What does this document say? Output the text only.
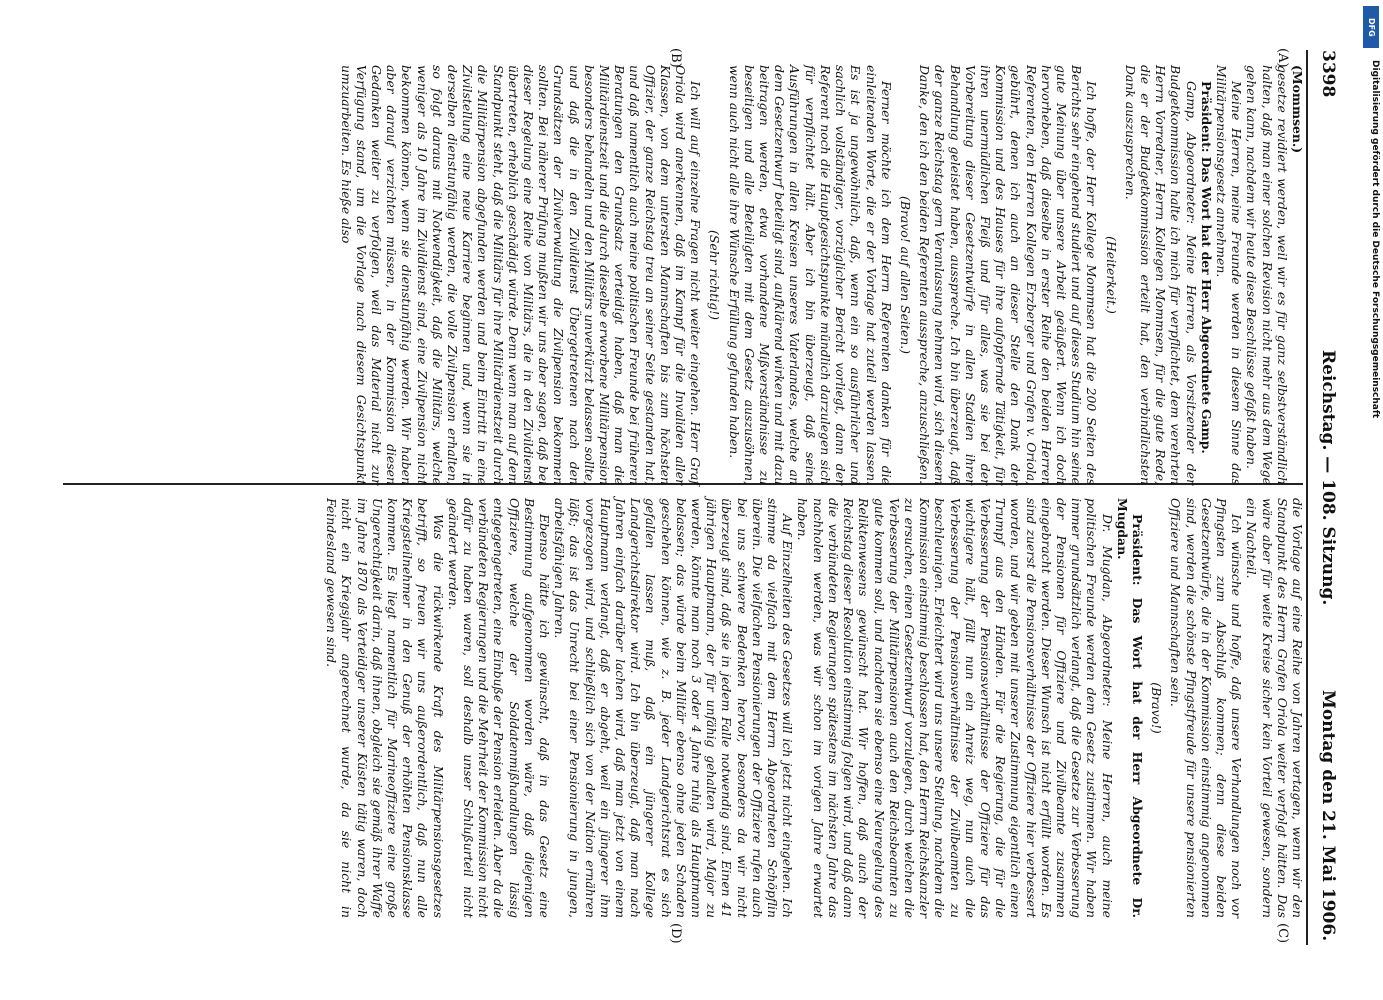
3398
Reichstag. — 108. Sitzung.
Montag den 21. Mai 1906.
(A)
(B)
(C)
(D)

(Mommsen.)

gesetze revidiert werden, weil wir es für ganz selbstverständlich halten, daß man einer solchen Revision nicht mehr aus dem Wege gehen kann, nachdem wir heute diese Beschlüsse gefaßt haben.

Meine Herren, meine Freunde werden in diesem Sinne das Militärpensionsgesetz annehmen.

Präsident: Das Wort hat der Herr Abgeordnete Gamp.

Gamp, Abgeordneter: Meine Herren, als Vorsitzender der Budgetkommission halte ich mich für verpflichtet, dem verehrten Herrn Vorredner, Herrn Kollegen Mommsen, für die gute Rede, die er der Budgetkommission erteilt hat, den verbindlichsten Dank auszusprechen.

(Heiterkeit.)

Ich hoffe, der Herr Kollege Mommsen hat die 200 Seiten des Berichts sehr eingehend studiert und auf dieses Studium hin seine gute Meinung über unsere Arbeit geäußert. Wenn ich doch hervorheben, daß dieselbe in erster Reihe den beiden Herren Referenten, den Herren Kollegen Erzberger und Grafen v. Oriola, gebührt, denen ich auch an dieser Stelle den Dank der Kommission und des Hauses für ihre aufopfernde Tätigkeit, für ihren unermüdlichen Fleiß und für alles, was sie bei der Vorbereitung dieser Gesetzentwürfe in allen Stadien ihrer Behandlung geleistet haben, ausspreche. Ich bin überzeugt, daß der ganze Reichstag gern Veranlassung nehmen wird, sich diesem Danke, den ich den beiden Referenten ausspreche, anzuschließen.

(Bravo! auf allen Seiten.)

Ferner möchte ich dem Herrn Referenten danken für die einleitenden Worte, die er der Vorlage hat zuteil werden lassen. Es ist ja ungewöhnlich, daß, wenn ein so ausführlicher und sachlich vollständiger, vorzüglicher Bericht vorliegt, dann der Referent noch die Hauptgesichtspunkte mündlich darzulegen sich für verpflichtet hält. Aber ich bin überzeugt, daß seine Ausführungen in allen Kreisen unseres Vaterlandes, welche an dem Gesetzentwurf beteiligt sind, aufklärend wirken und mit dazu beitragen werden, etwa vorhandene Mißverständnisse zu beseitigen und alle Beteiligten mit dem Gesetz auszusöhnen, wenn auch nicht alle ihre Wünsche Erfüllung gefunden haben.

(Sehr richtig!)

Ich will auf einzelne Fragen nicht weiter eingehen. Herr Graf Oriola wird anerkennen, daß im Kampf für die Invaliden aller Klassen, von dem untersten Mannschaften bis zum höchsten Offizier, der ganze Reichstag treu an seiner Seite gestanden hat, und daß namentlich auch meine politischen Freunde bei früheren Beratungen den Grundsatz verteidigt haben, daß man die Militärdienstzeit und die durch dieselbe erworbene Militärpension besonders behandeln und den Militärs unverkürzt belassen sollte, und daß die in den Zivildienst Übergetretenen nach den Grundsätzen der Zivilverwaltung die Zivilpension bekommen sollten. Bei näherer Prüfung mußten wir uns aber sagen, daß bei dieser Regelung eine Reihe von Militärs, die in den Zivildienst übertreten, erheblich geschädigt würde. Denn wenn man auf dem Standpunkt steht, daß die Militärs für ihre Militärdienstzeit durch die Militärpension abgefunden werden und beim Eintritt in eine Zivilstellung eine neue Karriere beginnen und, wenn sie in derselben dienstunfähig werden, die volle Zivilpension erhalten, so folgt daraus mit Notwendigkeit, daß die Militärs, welche weniger als 10 Jahre im Zivildienst sind, eine Zivilpension nicht bekommen können, wenn sie dienstunfähig werden. Wir haben aber darauf verzichten müssen, in der Kommission diesen Gedanken weiter zu verfolgen, weil das Material nicht zur Verfügung stand, um die Vorlage nach diesem Gesichtspunkt umzuarbeiten. Es hieße also

die Vorlage auf eine Reihe von Jahren vertagen, wenn wir den Standpunkt des Herrn Grafen Oriola weiter verfolgt hätten. Das wäre aber für weite Kreise sicher kein Vorteil gewesen, sondern ein Nachteil.

Ich wünsche und hoffe, daß unsere Verhandlungen noch vor Pfingsten zum Abschluß kommen; denn diese beiden Gesetzentwürfe, die in der Kommission einstimmig angenommen sind, werden die schönste Pfingstfreude für unsere pensionierten Offiziere und Mannschaften sein.

(Bravo!)

Präsident: Das Wort hat der Herr Abgeordnete Dr. Mugdan.

Dr. Mugdan, Abgeordneter: Meine Herren, auch meine politischen Freunde werden dem Gesetz zustimmen. Wir haben immer grundsätzlich verlangt, daß die Gesetze zur Verbesserung der Pensionen für Offiziere und Zivilbeamte zusammen eingebracht werden. Dieser Wunsch ist nicht erfüllt worden. Es sind zuerst die Pensionsverhältnisse der Offiziere hier verbessert worden, und wir geben mit unserer Zustimmung eigentlich einen Trumpf aus den Händen. Für die Regierung, die für die Verbesserung der Pensionsverhältnisse der Offiziere für das wichtigere hält, fällt nun ein Anreiz weg, nun auch die Verbesserung der Pensionsverhältnisse der Zivilbeamten zu beschleunigen. Erleichtert wird uns unsere Stellung, nachdem die Kommission einstimmig beschlossen hat, den Herrn Reichskanzler zu ersuchen, einen Gesetzentwurf vorzulegen, durch welchen die Verbesserung der Militärpensionen auch den Reichsbeamten zu gute kommen soll, und nachdem sie ebenso eine Neuregelung des Reliktenwesens gewünscht hat. Wir hoffen, daß auch der Reichstag dieser Resolution einstimmig folgen wird, und daß dann die verbündeten Regierungen spätestens im nächsten Jahre das nachholen werden, was wir schon im vorigen Jahre erwartet haben.

Auf Einzelheiten des Gesetzes will ich jetzt nicht eingehen. Ich stimme da vielfach mit dem Herrn Abgeordneten Schöpflin überein. Die vielfachen Pensionierungen der Offiziere rufen auch bei uns schwere Bedenken hervor, besonders da wir nicht überzeugt sind, daß sie in jedem Falle notwendig sind. Einen 41 jährigen Hauptmann, der für unfähig gehalten wird, Major zu werden, könnte man noch 3 oder 4 Jahre ruhig als Hauptmann belassen; das würde beim Militär ebenso ohne jeden Schaden geschehen können, wie z. B. jeder Landgerichtsrat es sich gefallen lassen muß, daß ein jüngerer Kollege Landgerichtsdirektor wird. Ich bin überzeugt, daß man nach Jahren einfach darüber lachen wird, daß man jetzt von einem Hauptmann verlangt, daß er abgeht, weil ein jüngerer ihm vorgezogen wird, und schließlich sich von der Nation ernähren läßt; das ist das Unrecht bei einer Pensionierung in jungen, arbeitsfähigen Jahren.

Ebenso hätte ich gewünscht, daß in das Gesetz eine Bestimmung aufgenommen worden wäre, daß diejenigen Offiziere, welche der Soldatenmißhandlungen lässig entgegengetreten, eine Einbuße der Pension erleiden. Aber da die verbündeten Regierungen und die Mehrheit der Kommission nicht dafür zu haben waren, soll deshalb unser Schlußurteil nicht geändert werden.

Was die rückwirkende Kraft des Militärpensionsgesetzes betrifft, so freuen wir uns außerordentlich, daß nun alle Kriegsteilnehmer in den Genuß der erhöhten Pensionsklasse kommen. Es liegt namentlich für Marineoffiziere eine große Ungerechtigkeit darin, daß ihnen, obgleich sie gemäß ihrer Waffe im Jahre 1870 als Verteidiger unserer Küsten tätig waren, doch nicht ein Kriegsjahr angerechnet wurde, da sie nicht in Feindesland gewesen sind.

DFG
Digitalisierung gefördert durch die Deutsche Forschungsgemeinschaft
